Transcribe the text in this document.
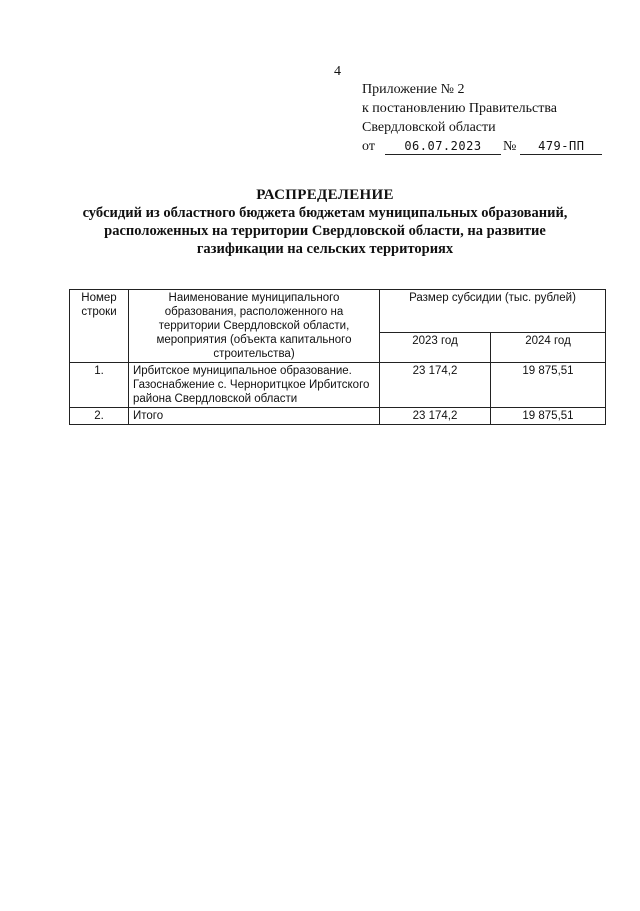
4
Приложение № 2
к постановлению Правительства
Свердловской области
от	06.07.2023	№	479-ПП
РАСПРЕДЕЛЕНИЕ
субсидий из областного бюджета бюджетам муниципальных образований,
расположенных на территории Свердловской области, на развитие
газификации на сельских территориях
Номер строки	Наименование муниципального образования, расположенного на территории Свердловской области, мероприятия (объекта капитального строительства)	Размер субсидии (тыс. рублей)	
		2023 год	2024 год
1.	Ирбитское муниципальное образование. Газоснабжение с. Черноритцкое Ирбитского района Свердловской области	23 174,2	19 875,51
2.	Итого	23 174,2	19 875,51
